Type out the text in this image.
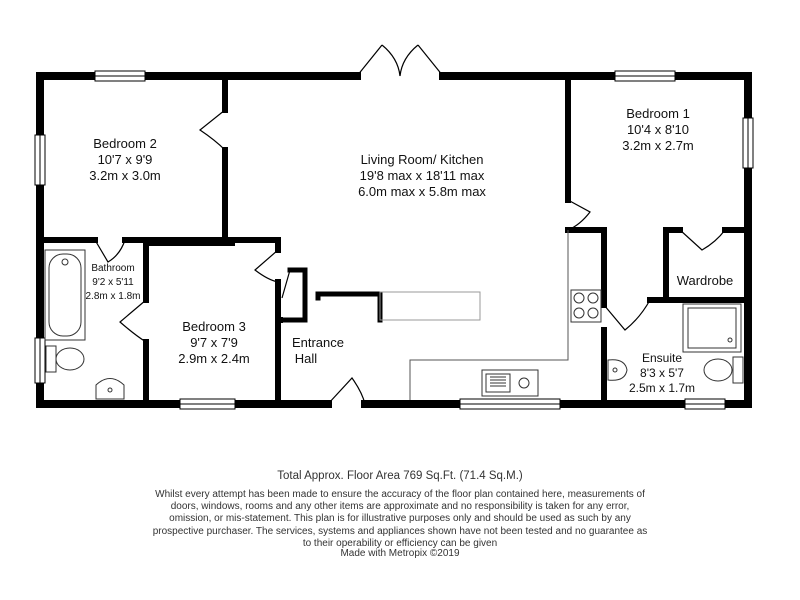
Bedroom 2
10'7 x 9'9
3.2m x 3.0m
Living Room/ Kitchen
19'8 max x 18'11 max
6.0m max x 5.8m max
Bedroom 1
10'4 x 8'10
3.2m x 2.7m
Bathroom
9'2 x 5'11
2.8m x 1.8m
Bedroom 3
9'7 x 7'9
2.9m x 2.4m
Entrance
Hall
Wardrobe
Ensuite
8'3 x 5'7
2.5m x 1.7m
Total Approx. Floor Area 769 Sq.Ft. (71.4 Sq.M.)
Whilst every attempt has been made to ensure the accuracy of the floor plan contained here, measurements of doors, windows, rooms and any other items are approximate and no responsibility is taken for any error, omission, or mis-statement. This plan is for illustrative purposes only and should be used as such by any prospective purchaser. The services, systems and appliances shown have not been tested and no guarantee as to their operability or efficiency can be given
Made with Metropix ©2019
